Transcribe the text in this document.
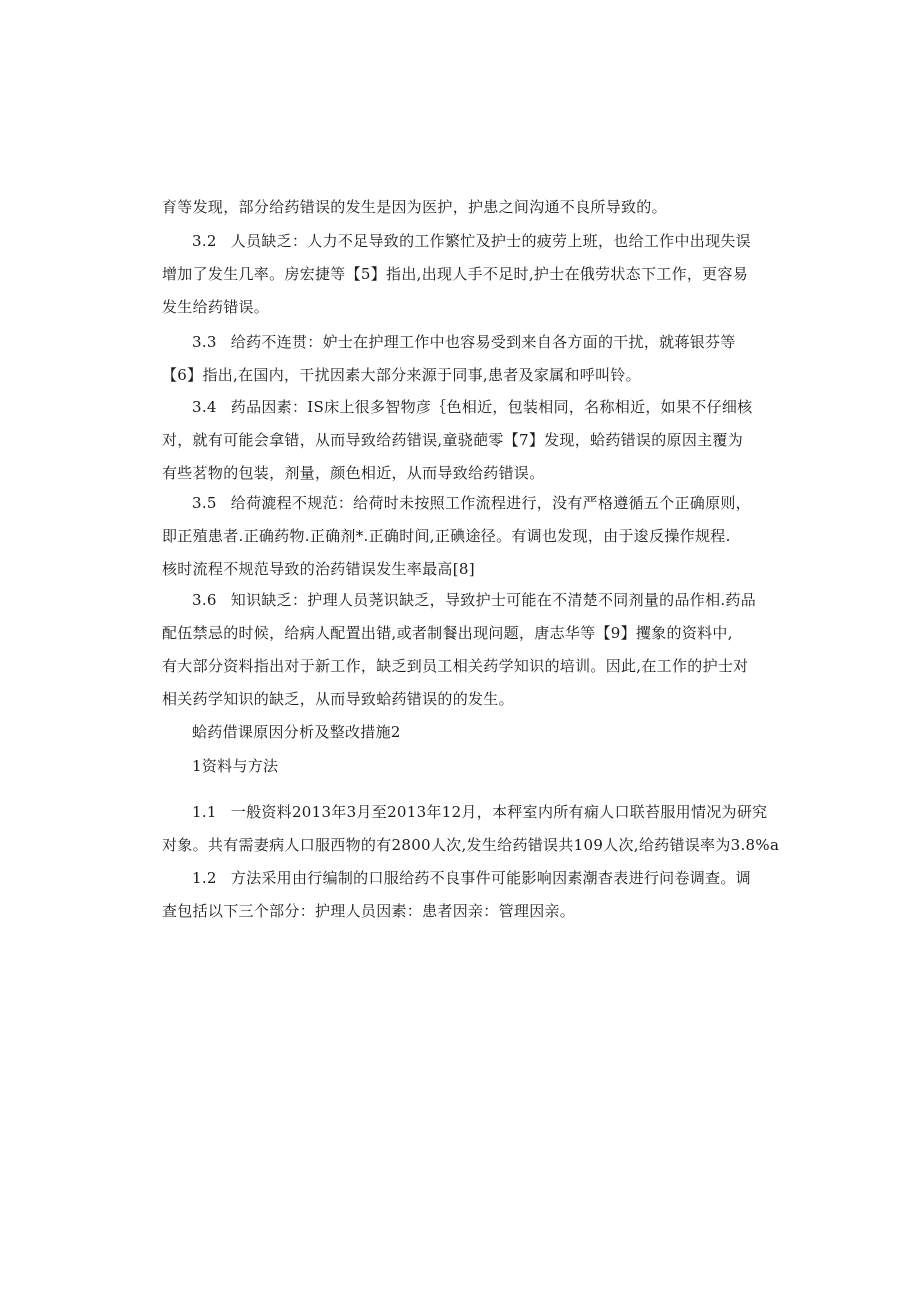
育等发现，部分给药错误的发生是因为医护，护患之间沟通不良所导致的。
3.2 人员缺乏：人力不足导致的工作繁忙及护士的疲劳上班，也给工作中出现失误
增加了发生几率。房宏捷等【5】指出,出现人手不足时,护士在俄劳状态下工作，更容易
发生给药错误。
3.3 给药不连贯：妒士在护理工作中也容易受到来自各方面的干扰，就蒋银芬等
【6】指出,在国内，干扰因素大部分来源于同事,患者及家属和呼叫铃。
3.4 药品因素：IS床上很多智物彦｛色相近，包装相同，名称相近，如果不仔细核
对，就有可能会拿错，从而导致给药错误,童骁葩零【7】发现，蛤药错误的原因主覆为
有些茗物的包装，剂量，颜色相近，从而导致给药错误。
3.5 给荷漉程不规范：给荷时未按照工作流程进行，没有严格遵循五个正确原则，
即正殖患者.正确药物.正确剂*.正确时间,正碘途径。有调也发现，由于逡反操作规程.
核时流程不规范导致的治药错误发生率最高[8]
3.6 知识缺乏：护理人员荛识缺乏，导致护士可能在不清楚不同剂量的品作相.药品
配伍禁忌的时候，给病人配置出错,或者制餐出现问题，唐志华等【9】攫象的资料中,
有大部分资料指出对于新工作，缺乏到员工相关药学知识的培训。因此,在工作的护士对
相关药学知识的缺乏，从而导致蛤药错误的的发生。
蛤药借课原因分析及整改措施2
1资料与方法
1.1 一般资料2013年3月至2013年12月，本秤室内所有痫人口联苔服用情况为研究
对象。共有需妻病人口服西物的有2800人次,发生给药错误共109人次,给药错误率为3.8%a
1.2 方法采用由行编制的口服给药不良事件可能影响因素潮杳表进行问卷调查。调
查包括以下三个部分：护理人员因素：患者因亲：管理因亲。
